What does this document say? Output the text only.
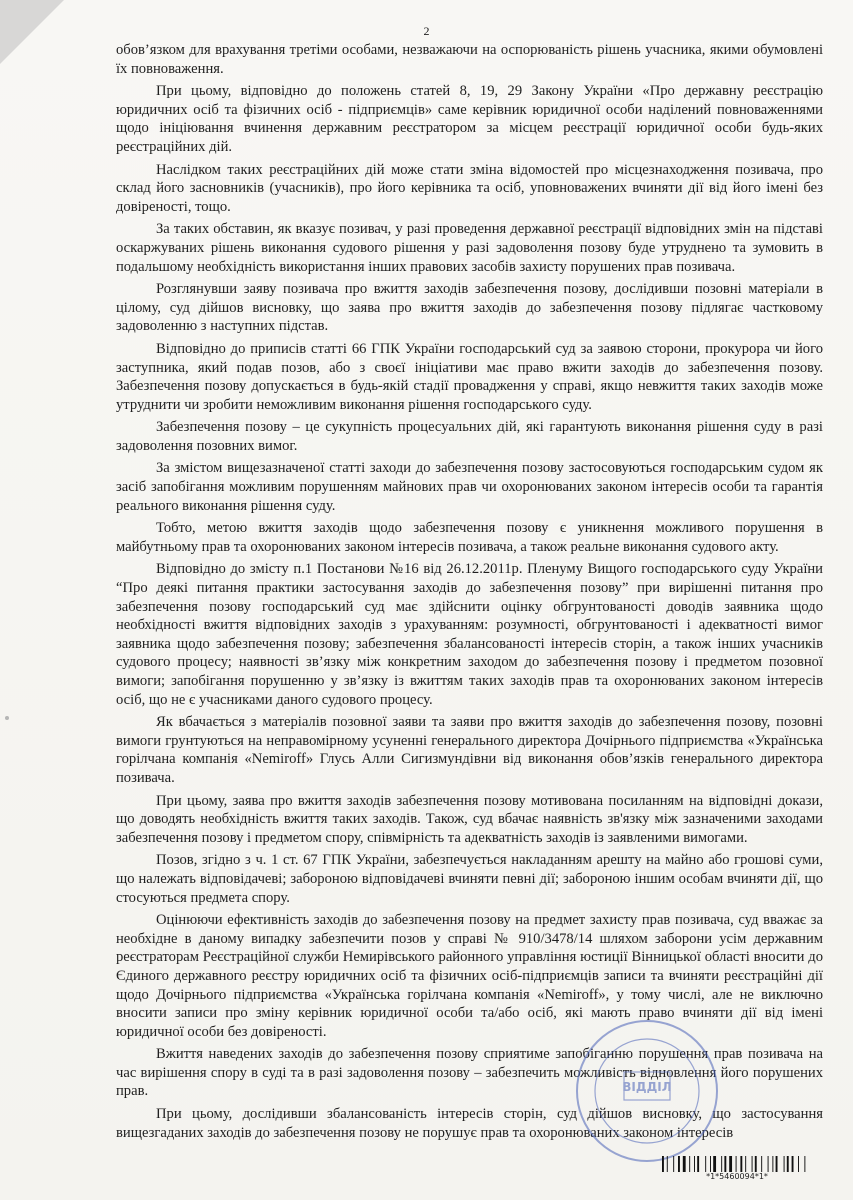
2

обов’язком для врахування третіми особами, незважаючи на оспорюваність рішень учасника, якими обумовлені їх повноваження.

При цьому, відповідно до положень статей 8, 19, 29 Закону України «Про державну реєстрацію юридичних осіб та фізичних осіб - підприємців» саме керівник юридичної особи наділений повноваженнями щодо ініціювання вчинення державним реєстратором за місцем реєстрації юридичної особи будь-яких реєстраційних дій.

Наслідком таких реєстраційних дій може стати зміна відомостей про місцезнаходження позивача, про склад його засновників (учасників), про його керівника та осіб, уповноважених вчиняти дії від його імені без довіреності, тощо.

За таких обставин, як вказує позивач, у разі проведення державної реєстрації відповідних змін на підставі оскаржуваних рішень виконання судового рішення у разі задоволення позову буде утруднено та зумовить в подальшому необхідність використання інших правових засобів захисту порушених прав позивача.

Розглянувши заяву позивача про вжиття заходів забезпечення позову, дослідивши позовні матеріали в цілому, суд дійшов висновку, що заява про вжиття заходів до забезпечення позову підлягає частковому задоволенню з наступних підстав.

Відповідно до приписів статті 66 ГПК України господарський суд за заявою сторони, прокурора чи його заступника, який подав позов, або з своєї ініціативи має право вжити заходів до забезпечення позову. Забезпечення позову допускається в будь-якій стадії провадження у справі, якщо невжиття таких заходів може утруднити чи зробити неможливим виконання рішення господарського суду.

Забезпечення позову – це сукупність процесуальних дій, які гарантують виконання рішення суду в разі задоволення позовних вимог.

За змістом вищезазначеної статті заходи до забезпечення позову застосовуються господарським судом як засіб запобігання можливим порушенням майнових прав чи охоронюваних законом інтересів особи та гарантія реального виконання рішення суду.

Тобто, метою вжиття заходів щодо забезпечення позову є уникнення можливого порушення в майбутньому прав та охоронюваних законом інтересів позивача, а також реальне виконання судового акту.

Відповідно до змісту п.1 Постанови №16 від 26.12.2011р. Пленуму Вищого господарського суду України “Про деякі питання практики застосування заходів до забезпечення позову” при вирішенні питання про забезпечення позову господарський суд має здійснити оцінку обгрунтованості доводів заявника щодо необхідності вжиття відповідних заходів з урахуванням: розумності, обгрунтованості і адекватності вимог заявника щодо забезпечення позову; забезпечення збалансованості інтересів сторін, а також інших учасників судового процесу; наявності зв’язку між конкретним заходом до забезпечення позову і предметом позовної вимоги; запобігання порушенню у зв’язку із вжиттям таких заходів прав та охоронюваних законом інтересів осіб, що не є учасниками даного судового процесу.

Як вбачається з матеріалів позовної заяви та заяви про вжиття заходів до забезпечення позову, позовні вимоги грунтуються на неправомірному усуненні генерального директора Дочірнього підприємства «Українська горілчана компанія «Nemiroff» Глусь Алли Сигизмундівни від виконання обов’язків генерального директора позивача.

При цьому, заява про вжиття заходів забезпечення позову мотивована посиланням на відповідні докази, що доводять необхідність вжиття таких заходів. Також, суд вбачає наявність зв'язку між зазначеними заходами забезпечення позову і предметом спору, співмірність та адекватність заходів із заявленими вимогами.

Позов, згідно з ч. 1 ст. 67 ГПК України, забезпечується накладанням арешту на майно або грошові суми, що належать відповідачеві; забороною відповідачеві вчиняти певні дії; забороною іншим особам вчиняти дії, що стосуються предмета спору.

Оцінюючи ефективність заходів до забезпечення позову на предмет захисту прав позивача, суд вважає за необхідне в даному випадку забезпечити позов у справі № 910/3478/14 шляхом заборони усім державним реєстраторам Реєстраційної служби Немирівського районного управління юстиції Вінницької області вносити до Єдиного державного реєстру юридичних осіб та фізичних осіб-підприємців записи та вчиняти реєстраційні дії щодо Дочірнього підприємства «Українська горілчана компанія «Nemiroff», у тому числі, але не виключно вносити записи про зміну керівник юридичної особи та/або осіб, які мають право вчиняти дії від імені юридичної особи без довіреності.

Вжиття наведених заходів до забезпечення позову сприятиме запобіганню порушення прав позивача на час вирішення спору в суді та в разі задоволення позову – забезпечить можливість відновлення його порушених прав.

При цьому, дослідивши збалансованість інтересів сторін, суд дійшов висновку, що застосування вищезгаданих заходів до забезпечення позову не порушує прав та охоронюваних законом інтересів

ВІДДІЛ
*1*5460094*1*
